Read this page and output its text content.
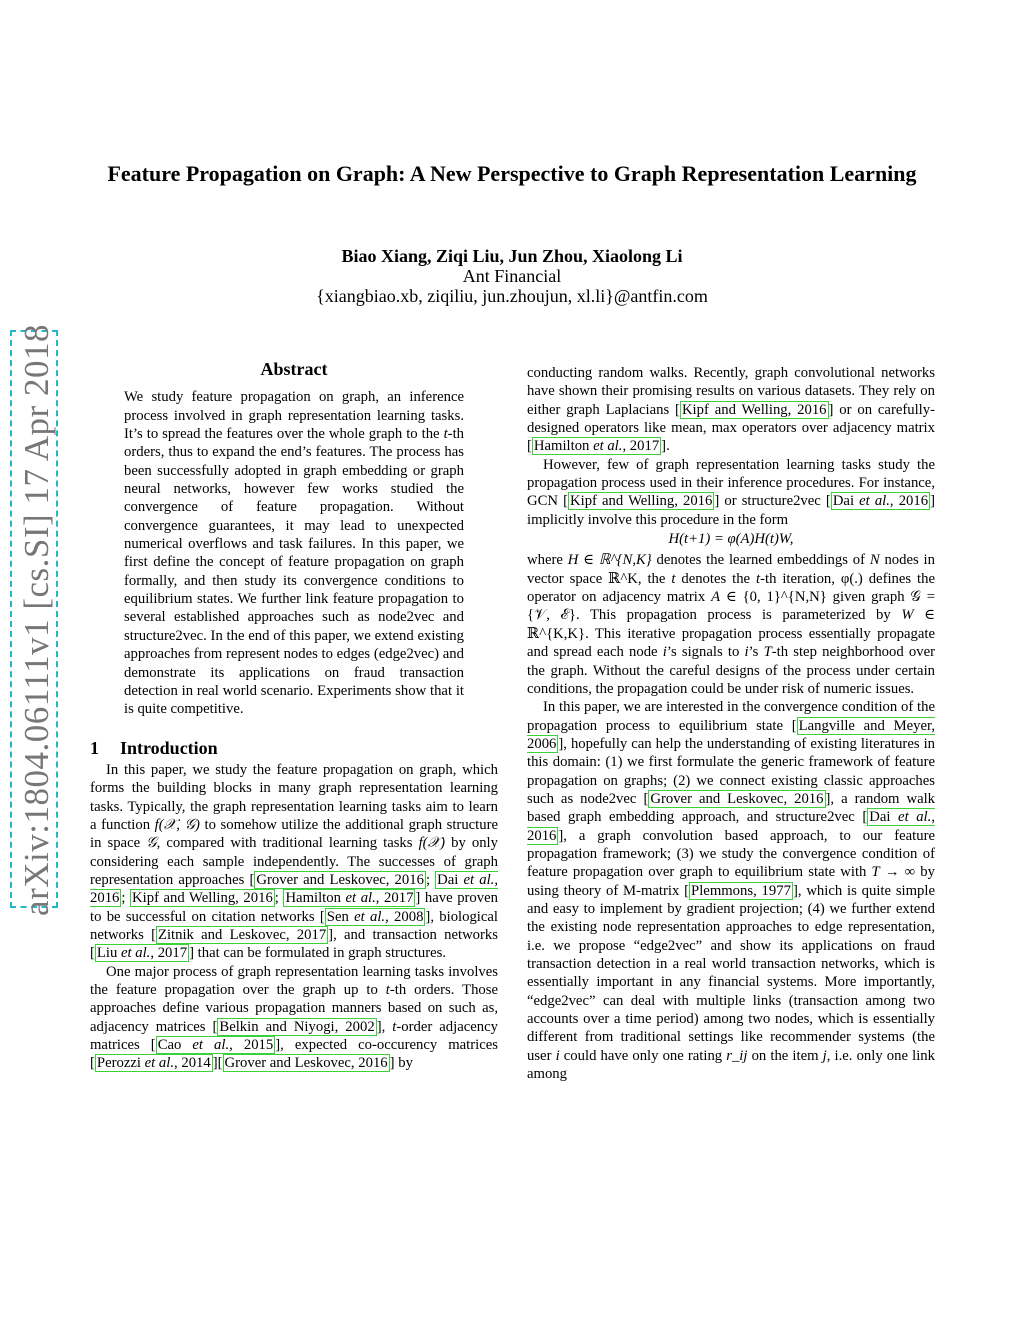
Feature Propagation on Graph: A New Perspective to Graph Representation Learning
Biao Xiang, Ziqi Liu, Jun Zhou, Xiaolong Li
Ant Financial
{xiangbiao.xb, ziqiliu, jun.zhoujun, xl.li}@antfin.com
arXiv:1804.06111v1 [cs.SI] 17 Apr 2018	Abstract
We study feature propagation on graph, an inference process involved in graph representation learning tasks. It’s to spread the features over the whole graph to the t-th orders, thus to expand the end’s features. The process has been successfully adopted in graph embedding or graph neural networks, however few works studied the convergence of feature propagation. Without convergence guarantees, it may lead to unexpected numerical overflows and task failures. In this paper, we first define the concept of feature propagation on graph formally, and then study its convergence conditions to equilibrium states. We further link feature propagation to several established approaches such as node2vec and structure2vec. In the end of this paper, we extend existing approaches from represent nodes to edges (edge2vec) and demonstrate its applications on fraud transaction detection in real world scenario. Experiments show that it is quite competitive.
1 Introduction

In this paper, we study the feature propagation on graph, which forms the building blocks in many graph representation learning tasks. Typically, the graph representation learning tasks aim to learn a function f(𝒳, 𝒢) to somehow utilize the additional graph structure in space 𝒢, compared with traditional learning tasks f(𝒳) by only considering each sample independently. The successes of graph representation approaches [ Grover and Leskovec, 2016 ; Dai et al., 2016 ; Kipf and Welling, 2016 ; Hamilton et al., 2017 ] have proven to be successful on citation networks [ Sen et al., 2008 ], biological networks [ Zitnik and Leskovec, 2017 ], and transaction networks [ Liu et al., 2017 ] that can be formulated in graph structures.

One major process of graph representation learning tasks involves the feature propagation over the graph up to t-th orders. Those approaches define various propagation manners based on such as, adjacency matrices [ Belkin and Niyogi, 2002 ], t-order adjacency matrices [ Cao et al., 2015 ], expected co-occurency matrices [ Perozzi et al., 2014 ][ Grover and Leskovec, 2016 ] by

conducting random walks. Recently, graph convolutional networks have shown their promising results on various datasets. They rely on either graph Laplacians [ Kipf and Welling, 2016 ] or on carefully-designed operators like mean, max operators over adjacency matrix [ Hamilton et al., 2017 ].

However, few of graph representation learning tasks study the propagation process used in their inference procedures. For instance, GCN [ Kipf and Welling, 2016 ] or structure2vec [ Dai et al., 2016 ] implicitly involve this procedure in the form

H(t+1) = φ(A)H(t)W,

where H ∈ ℝ^{N,K} denotes the learned embeddings of N nodes in vector space ℝ^K, the t denotes the t-th iteration, φ(.) defines the operator on adjacency matrix A ∈ {0, 1}^{N,N} given graph 𝒢 = {𝒱, ℰ}. This propagation process is parameterized by W ∈ ℝ^{K,K}. This iterative propagation process essentially propagate and spread each node i’s signals to i’s T-th step neighborhood over the graph. Without the careful designs of the process under certain conditions, the propagation could be under risk of numeric issues.

In this paper, we are interested in the convergence condition of the propagation process to equilibrium state [ Langville and Meyer, 2006 ], hopefully can help the understanding of existing literatures in this domain: (1) we first formulate the generic framework of feature propagation on graphs; (2) we connect existing classic approaches such as node2vec [ Grover and Leskovec, 2016 ], a random walk based graph embedding approach, and structure2vec [ Dai et al., 2016 ], a graph convolution based approach, to our feature propagation framework; (3) we study the convergence condition of feature propagation over graph to equilibrium state with T → ∞ by using theory of M-matrix [ Plemmons, 1977 ], which is quite simple and easy to implement by gradient projection; (4) we further extend the existing node representation approaches to edge representation, i.e. we propose “edge2vec” and show its applications on fraud transaction detection in a real world transaction networks, which is essentially important in any financial systems. More importantly, “edge2vec” can deal with multiple links (transaction among two accounts over a time period) among two nodes, which is essentially different from traditional settings like recommender systems (the user i could have only one rating r_ij on the item j, i.e. only one link among
